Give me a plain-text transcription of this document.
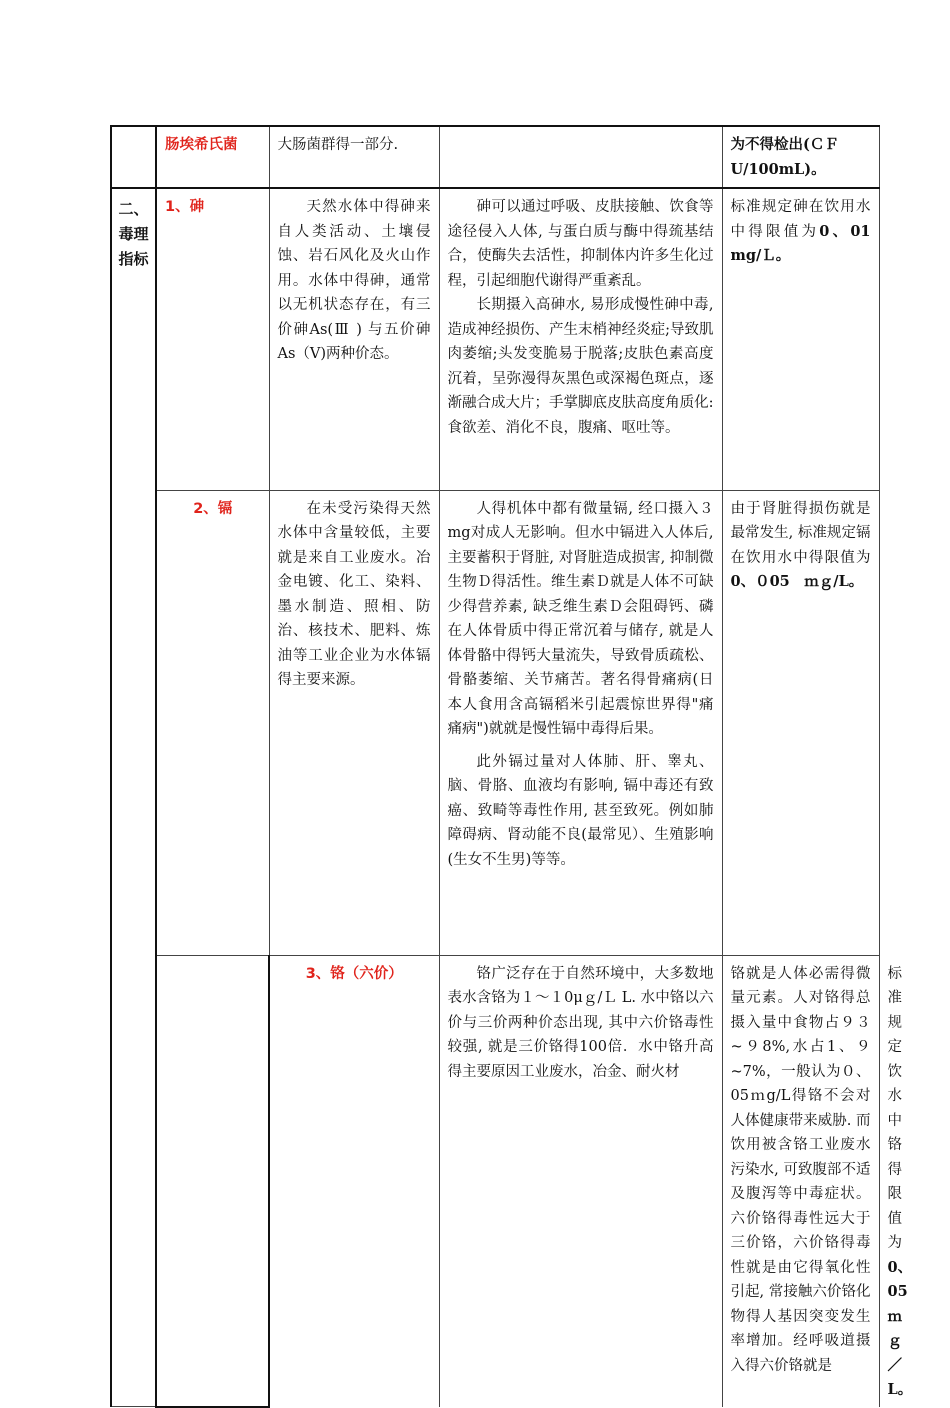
	肠埃希氏菌	大肠菌群得一部分.		为不得检出(ＣＦU/100mL)。	

二、毒理指标	1、砷	天然水体中得砷来自人类活动、土壤侵蚀、岩石风化及火山作用。水体中得砷，通常以无机状态存在，有三价砷As(Ⅲ ) 与五价砷As（Ⅴ)两种价态。	砷可以通过呼吸、皮肤接触、饮食等途径侵入人体, 与蛋白质与酶中得巯基结合，使酶失去活性，抑制体内许多生化过程，引起细胞代谢得严重紊乱。

长期摄入高砷水, 易形成慢性砷中毒, 造成神经损伤、产生末梢神经炎症;导致肌肉萎缩;头发变脆易于脱落;皮肤色素高度沉着，呈弥漫得灰黑色或深褐色斑点，逐渐融合成大片；手掌脚底皮肤高度角质化:食欲差、消化不良，腹痛、呕吐等。	标准规定砷在饮用水中得限值为0、01 mg/Ｌ。	

	2、镉	在未受污染得天然水体中含量较低，主要就是来自工业废水。冶金电镀、化工、染料、墨水制造、照相、防治、核技术、肥料、炼油等工业企业为水体镉得主要来源。	人得机体中都有微量镉, 经口摄入３mg对成人无影响。但水中镉进入人体后, 主要蓄积于肾脏, 对肾脏造成损害, 抑制微生物Ｄ得活性。维生素Ｄ就是人体不可缺少得营养素, 缺乏维生素Ｄ会阻碍钙、磷在人体骨质中得正常沉着与储存, 就是人体骨骼中得钙大量流失，导致骨质疏松、骨骼萎缩、关节痛苦。著名得骨痛病(日本人食用含高镉稻米引起震惊世界得"痛痛病")就就是慢性镉中毒得后果。

此外镉过量对人体肺、肝、睾丸、脑、骨胳、血液均有影响, 镉中毒还有致癌、致畸等毒性作用, 甚至致死。例如肺障碍病、肾动能不良(最常见）、生殖影响(生女不生男)等等。	由于肾脏得损伤就是最常发生, 标准规定镉在饮用水中得限值为0、０05　ｍｇ/L。	

		3、铬（六价）	铬广泛存在于自然环境中，大多数地表水含铬为１～１0μｇ/Ｌ L. 水中铬以六价与三价两种价态出现, 其中六价铬毒性较强, 就是三价铬得100倍．水中铬升高得主要原因工业废水，冶金、耐火材	铬就是人体必需得微量元素。人对铬得总摄入量中食物占９３~９8%,水占1、９~7%，一般认为０、05ｍg/L得铬不会对人体健康带来威胁. 而饮用被含铬工业废水污染水, 可致腹部不适及腹泻等中毒症状。六价铬得毒性远大于三价铬，六价铬得毒性就是由它得氧化性引起, 常接触六价铬化物得人基因突变发生率增加。经呼吸道摄入得六价铬就是	标准规定饮水中铬得限值为0、05ｍｇ／L。
